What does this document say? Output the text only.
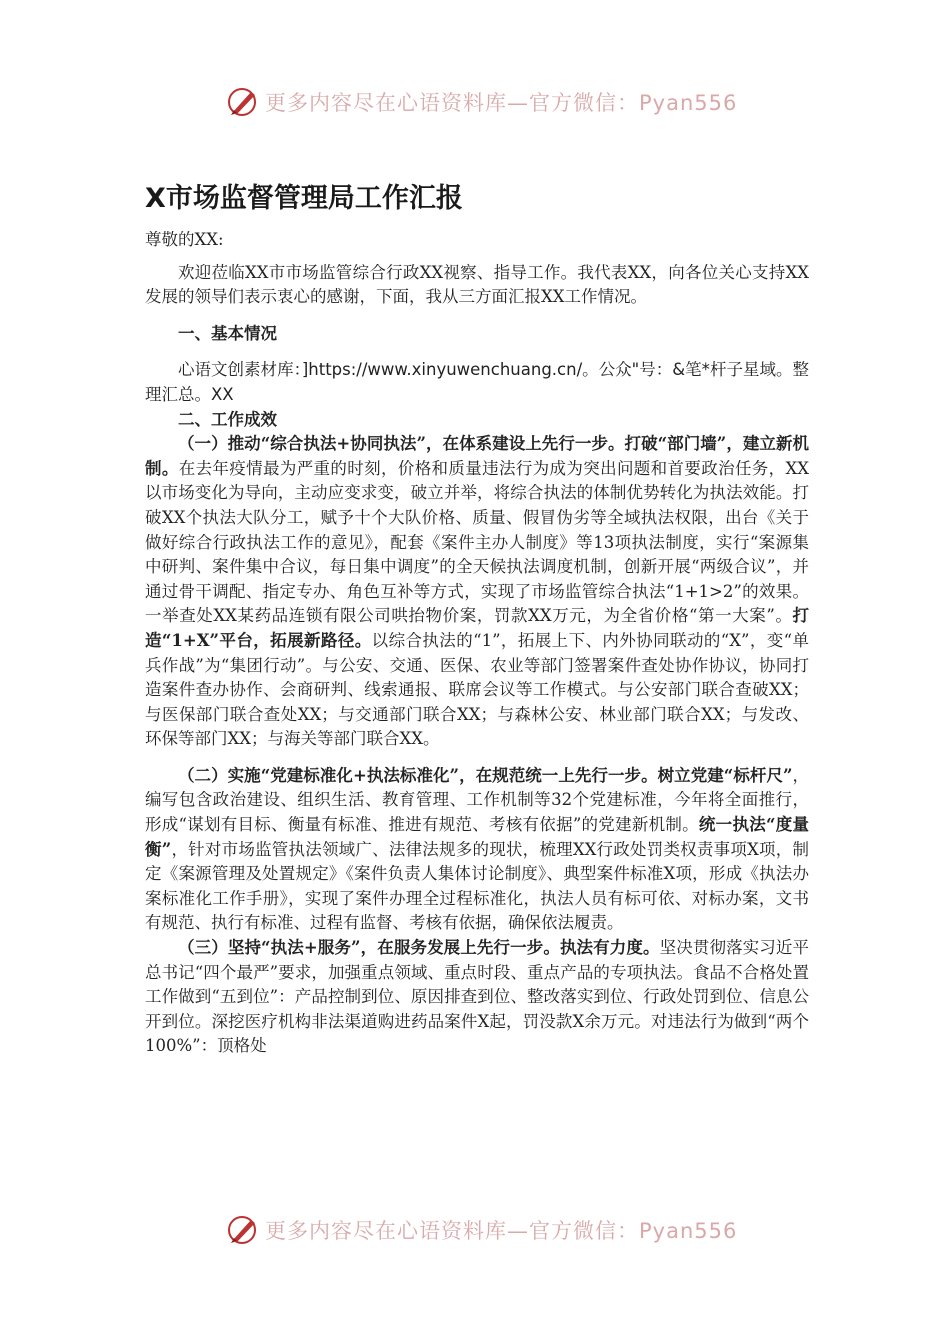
更多内容尽在心语资料库—官方微信：Pyan556
X市场监督管理局工作汇报

尊敬的XX:

欢迎莅临XX市市场监管综合行政XX视察、指导工作。我代表XX，向各位关心支持XX发展的领导们表示衷心的感谢，下面，我从三方面汇报XX工作情况。

一、基本情况

心语文创素材库：]https://www.xinyuwenchuang.cn/。公众"号：&笔*杆子星域。整理汇总。XX

二、工作成效

（一）推动“综合执法+协同执法”，在体系建设上先行一步。打破“部门墙”，建立新机制。在去年疫情最为严重的时刻，价格和质量违法行为成为突出问题和首要政治任务，XX以市场变化为导向，主动应变求变，破立并举，将综合执法的体制优势转化为执法效能。打破XX个执法大队分工，赋予十个大队价格、质量、假冒伪劣等全域执法权限，出台《关于做好综合行政执法工作的意见》，配套《案件主办人制度》等13项执法制度，实行“案源集中研判、案件集中合议，每日集中调度”的全天候执法调度机制，创新开展“两级合议”，并通过骨干调配、指定专办、角色互补等方式，实现了市场监管综合执法“1+1>2”的效果。一举查处XX某药品连锁有限公司哄抬物价案，罚款XX万元，为全省价格“第一大案”。打造“1+X”平台，拓展新路径。以综合执法的“1”，拓展上下、内外协同联动的“X”，变“单兵作战”为“集团行动”。与公安、交通、医保、农业等部门签署案件查处协作协议，协同打造案件查办协作、会商研判、线索通报、联席会议等工作模式。与公安部门联合查破XX；与医保部门联合查处XX；与交通部门联合XX；与森林公安、林业部门联合XX；与发改、环保等部门XX；与海关等部门联合XX。

（二）实施“党建标准化+执法标准化”，在规范统一上先行一步。树立党建“标杆尺”，编写包含政治建设、组织生活、教育管理、工作机制等32个党建标准，今年将全面推行，形成“谋划有目标、衡量有标准、推进有规范、考核有依据”的党建新机制。统一执法“度量衡”，针对市场监管执法领域广、法律法规多的现状，梳理XX行政处罚类权责事项X项，制定《案源管理及处置规定》《案件负责人集体讨论制度》、典型案件标准X项，形成《执法办案标准化工作手册》，实现了案件办理全过程标准化，执法人员有标可依、对标办案，文书有规范、执行有标准、过程有监督、考核有依据，确保依法履责。

（三）坚持“执法+服务”，在服务发展上先行一步。执法有力度。坚决贯彻落实习近平总书记“四个最严”要求，加强重点领域、重点时段、重点产品的专项执法。食品不合格处置工作做到“五到位”：产品控制到位、原因排查到位、整改落实到位、行政处罚到位、信息公开到位。深挖医疗机构非法渠道购进药品案件X起，罚没款X余万元。对违法行为做到“两个100%”：顶格处

更多内容尽在心语资料库—官方微信：Pyan556
